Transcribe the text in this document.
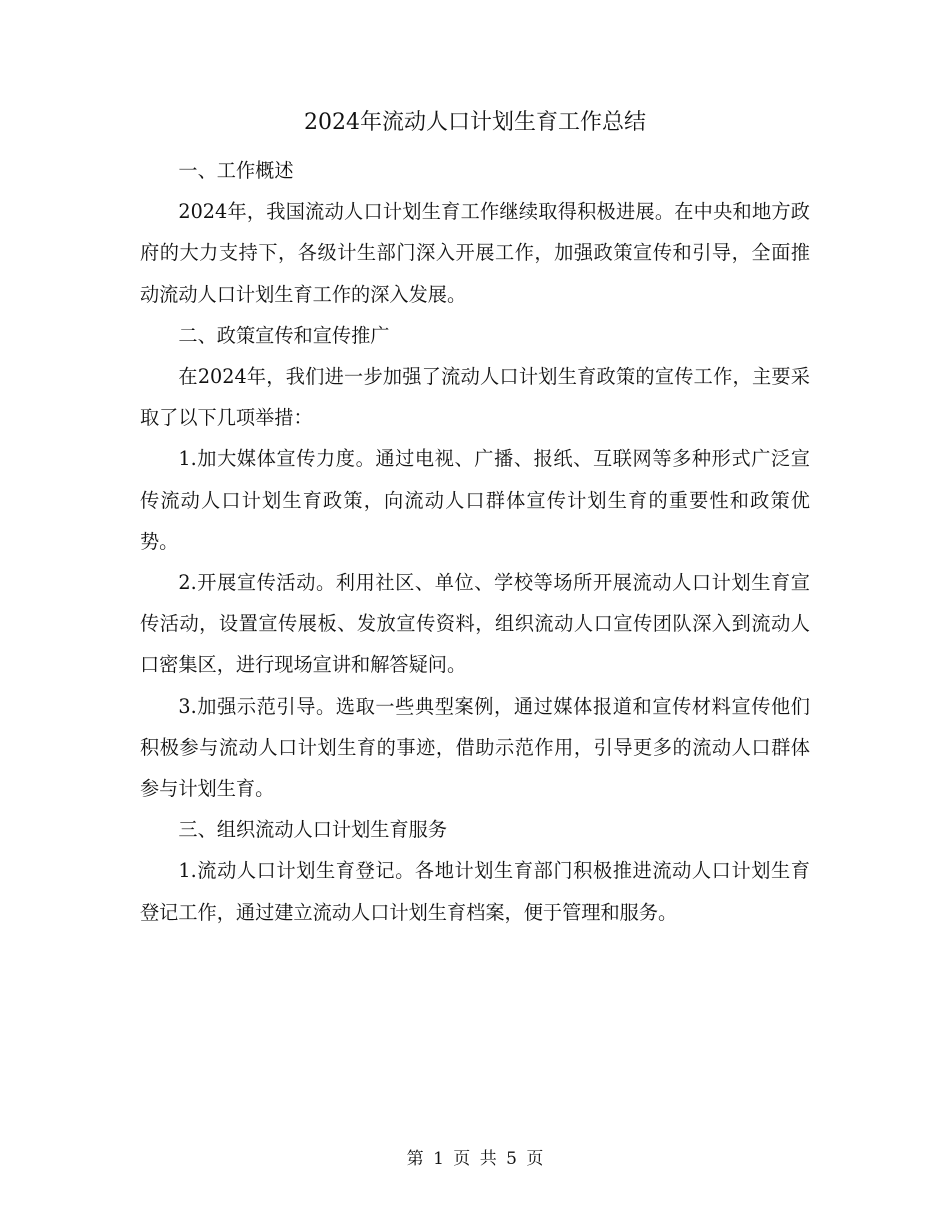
2024年流动人口计划生育工作总结

一、工作概述

2024年，我国流动人口计划生育工作继续取得积极进展。在中央和地方政府的大力支持下，各级计生部门深入开展工作，加强政策宣传和引导，全面推动流动人口计划生育工作的深入发展。

二、政策宣传和宣传推广

在2024年，我们进一步加强了流动人口计划生育政策的宣传工作，主要采取了以下几项举措：

1.加大媒体宣传力度。通过电视、广播、报纸、互联网等多种形式广泛宣传流动人口计划生育政策，向流动人口群体宣传计划生育的重要性和政策优势。

2.开展宣传活动。利用社区、单位、学校等场所开展流动人口计划生育宣传活动，设置宣传展板、发放宣传资料，组织流动人口宣传团队深入到流动人口密集区，进行现场宣讲和解答疑问。

3.加强示范引导。选取一些典型案例，通过媒体报道和宣传材料宣传他们积极参与流动人口计划生育的事迹，借助示范作用，引导更多的流动人口群体参与计划生育。

三、组织流动人口计划生育服务

1.流动人口计划生育登记。各地计划生育部门积极推进流动人口计划生育登记工作，通过建立流动人口计划生育档案，便于管理和服务。

第 1 页 共 5 页
